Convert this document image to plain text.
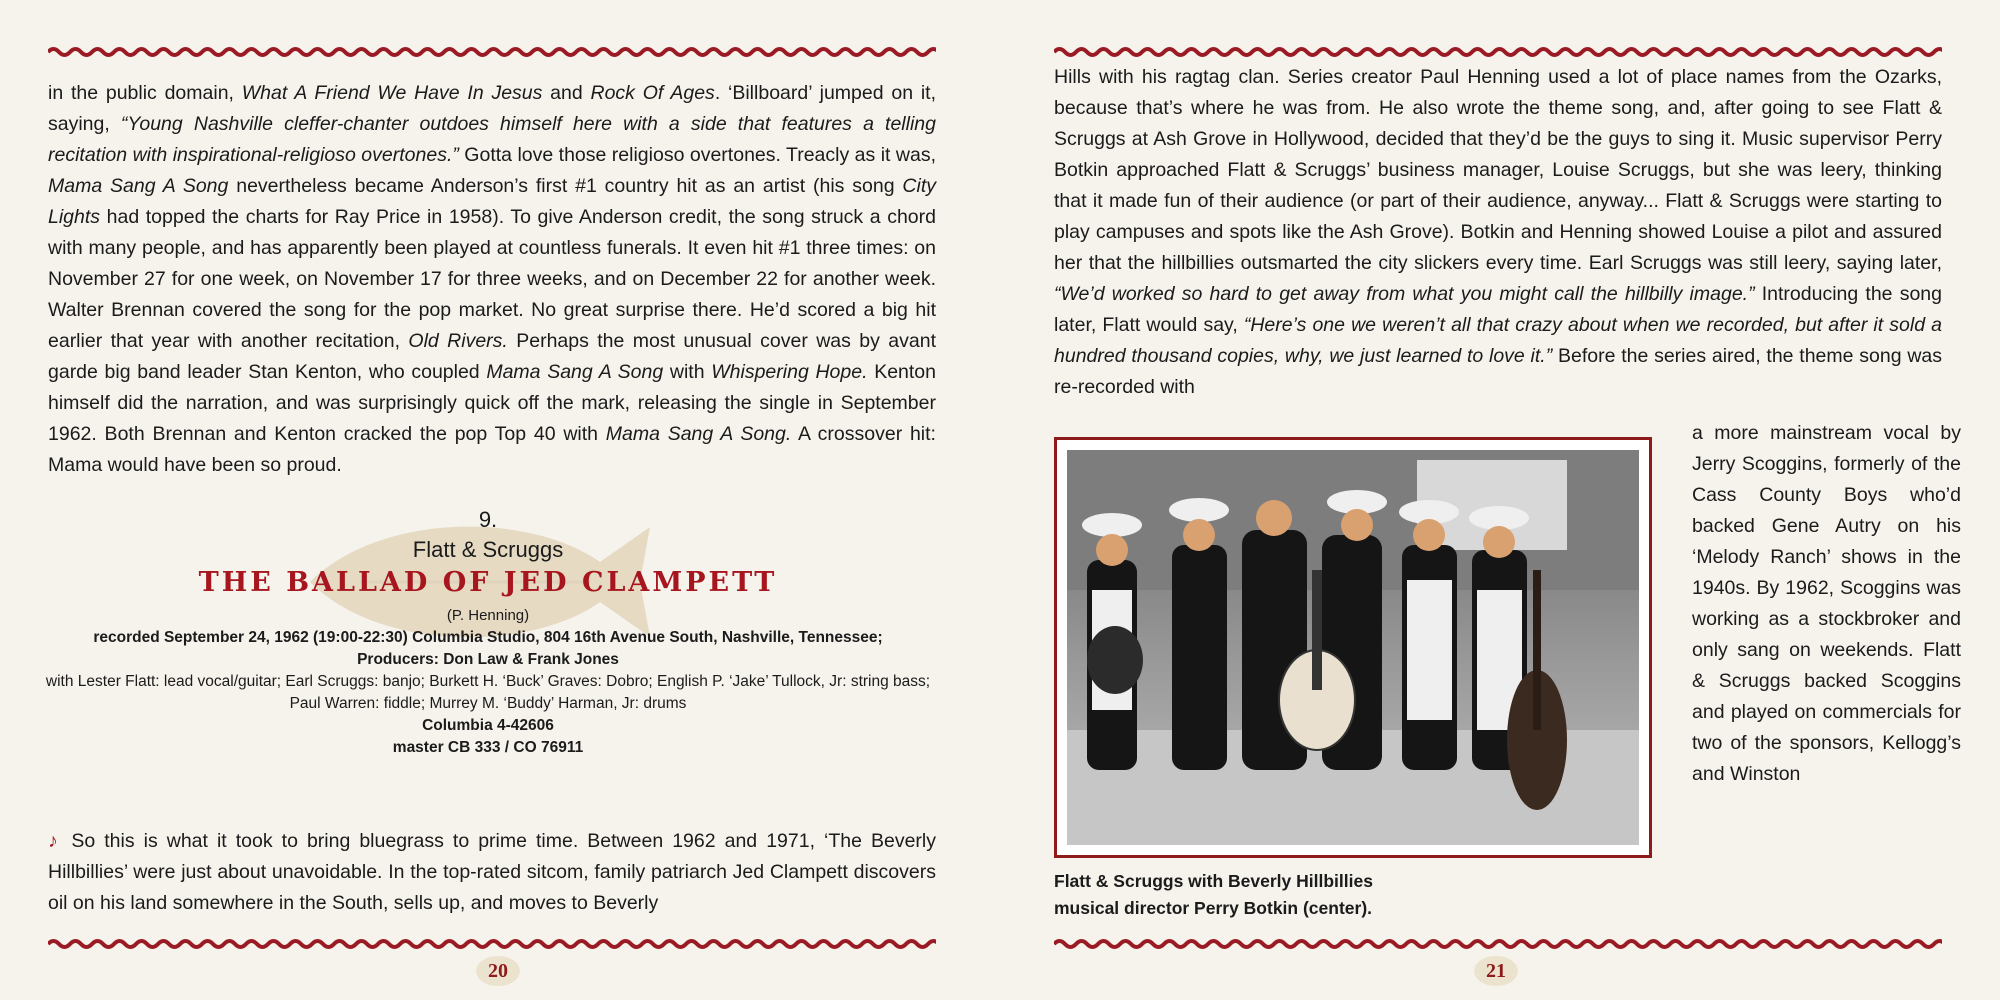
in the public domain, What A Friend We Have In Jesus and Rock Of Ages. ‘Billboard’ jumped on it, saying, “Young Nashville cleffer-chanter outdoes himself here with a side that features a telling recitation with inspirational-religioso overtones.” Gotta love those religioso overtones. Treacly as it was, Mama Sang A Song nevertheless became Anderson’s first #1 country hit as an artist (his song City Lights had topped the charts for Ray Price in 1958). To give Anderson credit, the song struck a chord with many people, and has apparently been played at countless funerals. It even hit #1 three times: on November 27 for one week, on November 17 for three weeks, and on December 22 for another week. Walter Brennan covered the song for the pop market. No great surprise there. He’d scored a big hit earlier that year with another recitation, Old Rivers. Perhaps the most unusual cover was by avant garde big band leader Stan Kenton, who coupled Mama Sang A Song with Whispering Hope. Kenton himself did the narration, and was surprisingly quick off the mark, releasing the single in September 1962. Both Brennan and Kenton cracked the pop Top 40 with Mama Sang A Song. A crossover hit: Mama would have been so proud.

9.

Flatt & Scruggs

THE BALLAD OF JED CLAMPETT

(P. Henning)

recorded September 24, 1962 (19:00-22:30) Columbia Studio, 804 16th Avenue South, Nashville, Tennessee;

Producers: Don Law & Frank Jones

with Lester Flatt: lead vocal/guitar; Earl Scruggs: banjo; Burkett H. ‘Buck’ Graves: Dobro; English P. ‘Jake’ Tullock, Jr: string bass; Paul Warren: fiddle; Murrey M. ‘Buddy’ Harman, Jr: drums

Columbia 4-42606

master CB 333 / CO 76911

♪ So this is what it took to bring bluegrass to prime time. Between 1962 and 1971, ‘The Beverly Hillbillies’ were just about unavoidable. In the top-rated sitcom, family patriarch Jed Clampett discovers oil on his land somewhere in the South, sells up, and moves to Beverly

20

Hills with his ragtag clan. Series creator Paul Henning used a lot of place names from the Ozarks, because that’s where he was from. He also wrote the theme song, and, after going to see Flatt & Scruggs at Ash Grove in Hollywood, decided that they’d be the guys to sing it. Music supervisor Perry Botkin approached Flatt & Scruggs’ business manager, Louise Scruggs, but she was leery, thinking that it made fun of their audience (or part of their audience, anyway... Flatt & Scruggs were starting to play campuses and spots like the Ash Grove). Botkin and Henning showed Louise a pilot and assured her that the hillbillies outsmarted the city slickers every time. Earl Scruggs was still leery, saying later, “We’d worked so hard to get away from what you might call the hillbilly image.” Introducing the song later, Flatt would say, “Here’s one we weren’t all that crazy about when we recorded, but after it sold a hundred thousand copies, why, we just learned to love it.” Before the series aired, the theme song was re-recorded with

Flatt & Scruggs with Beverly Hillbillies
musical director Perry Botkin (center).

a more mainstream vocal by Jerry Scoggins, formerly of the Cass County Boys who’d backed Gene Autry on his ‘Melody Ranch’ shows in the 1940s. By 1962, Scoggins was working as a stockbroker and only sang on weekends. Flatt & Scruggs backed Scoggins and played on commercials for two of the sponsors, Kellogg’s and Winston

21
